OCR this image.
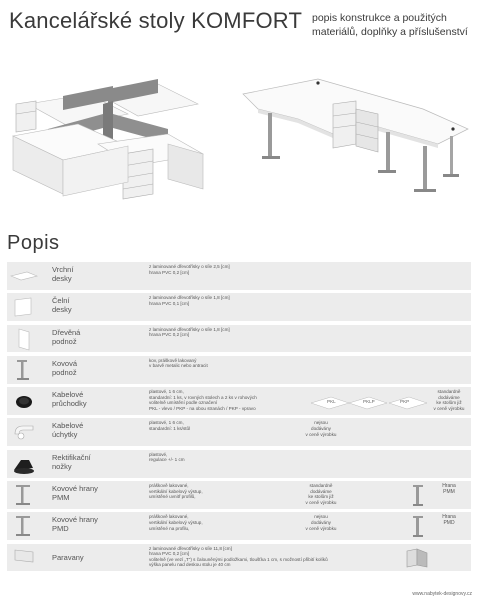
Kancelářské stoly KOMFORT popis konstrukce a použitých
materiálů, doplňky a příslušenství
Popis
Vrchní
desky
z laminované dřevotřísky o síle 2,5 [cm]
hrana PVC 0,2 [cm]
Čelní
desky
z laminované dřevotřísky o síle 1,8 [cm]
hrana PVC 0,1 [cm]
Dřevěná
podnož
z laminované dřevotřísky o síle 1,8 [cm]
hrana PVC 0,2 [cm]
Kovová
podnož
kov, práškově lakovaný
v barvě metalic nebo antracit
Kabelové
průchodky
plastové, 1 6 cm,
standardní: 1 ks, v rovných stolech a 2 ks v rohových
volitelně umístění podle označení
PKL - vlevo / PKP - na obou stranách / PKP - vpravo
PKL	PKLP	PKP
standardně
dodáváme
ke stolům již
v ceně výrobku
Kabelové
úchytky
plastové, 1 6 cm,
standardní: 1 ks/stůl
nejsou
dodávány
v ceně výrobku
Rektifikační
nožky
plastové,
regulace +/- 1 cm
Kovové hrany
PMM
práškově lakované,
vertikální kabelový výstup,
umístěné uvnitř profilů,
standardně
dodáváme
ke stolům již
v ceně výrobku
Hrana
PMM
Kovové hrany
PMD
práškově lakované,
vertikální kabelový výstup,
umístěné na profilu,
nejsou
dodávány
v ceně výrobku
Hrana
PMD
Paravany
z laminované dřevotřísky o síle 11,8 [cm]
hrana PVC 0,2 [cm]
volitelně (ve vezí „T“) s čalouněnými podložkami, tloušťka 1 cm, s možností přibití kolíků
výška panelu nad deskou stolu je 40 cm
www.nabytek-designovy.cz
